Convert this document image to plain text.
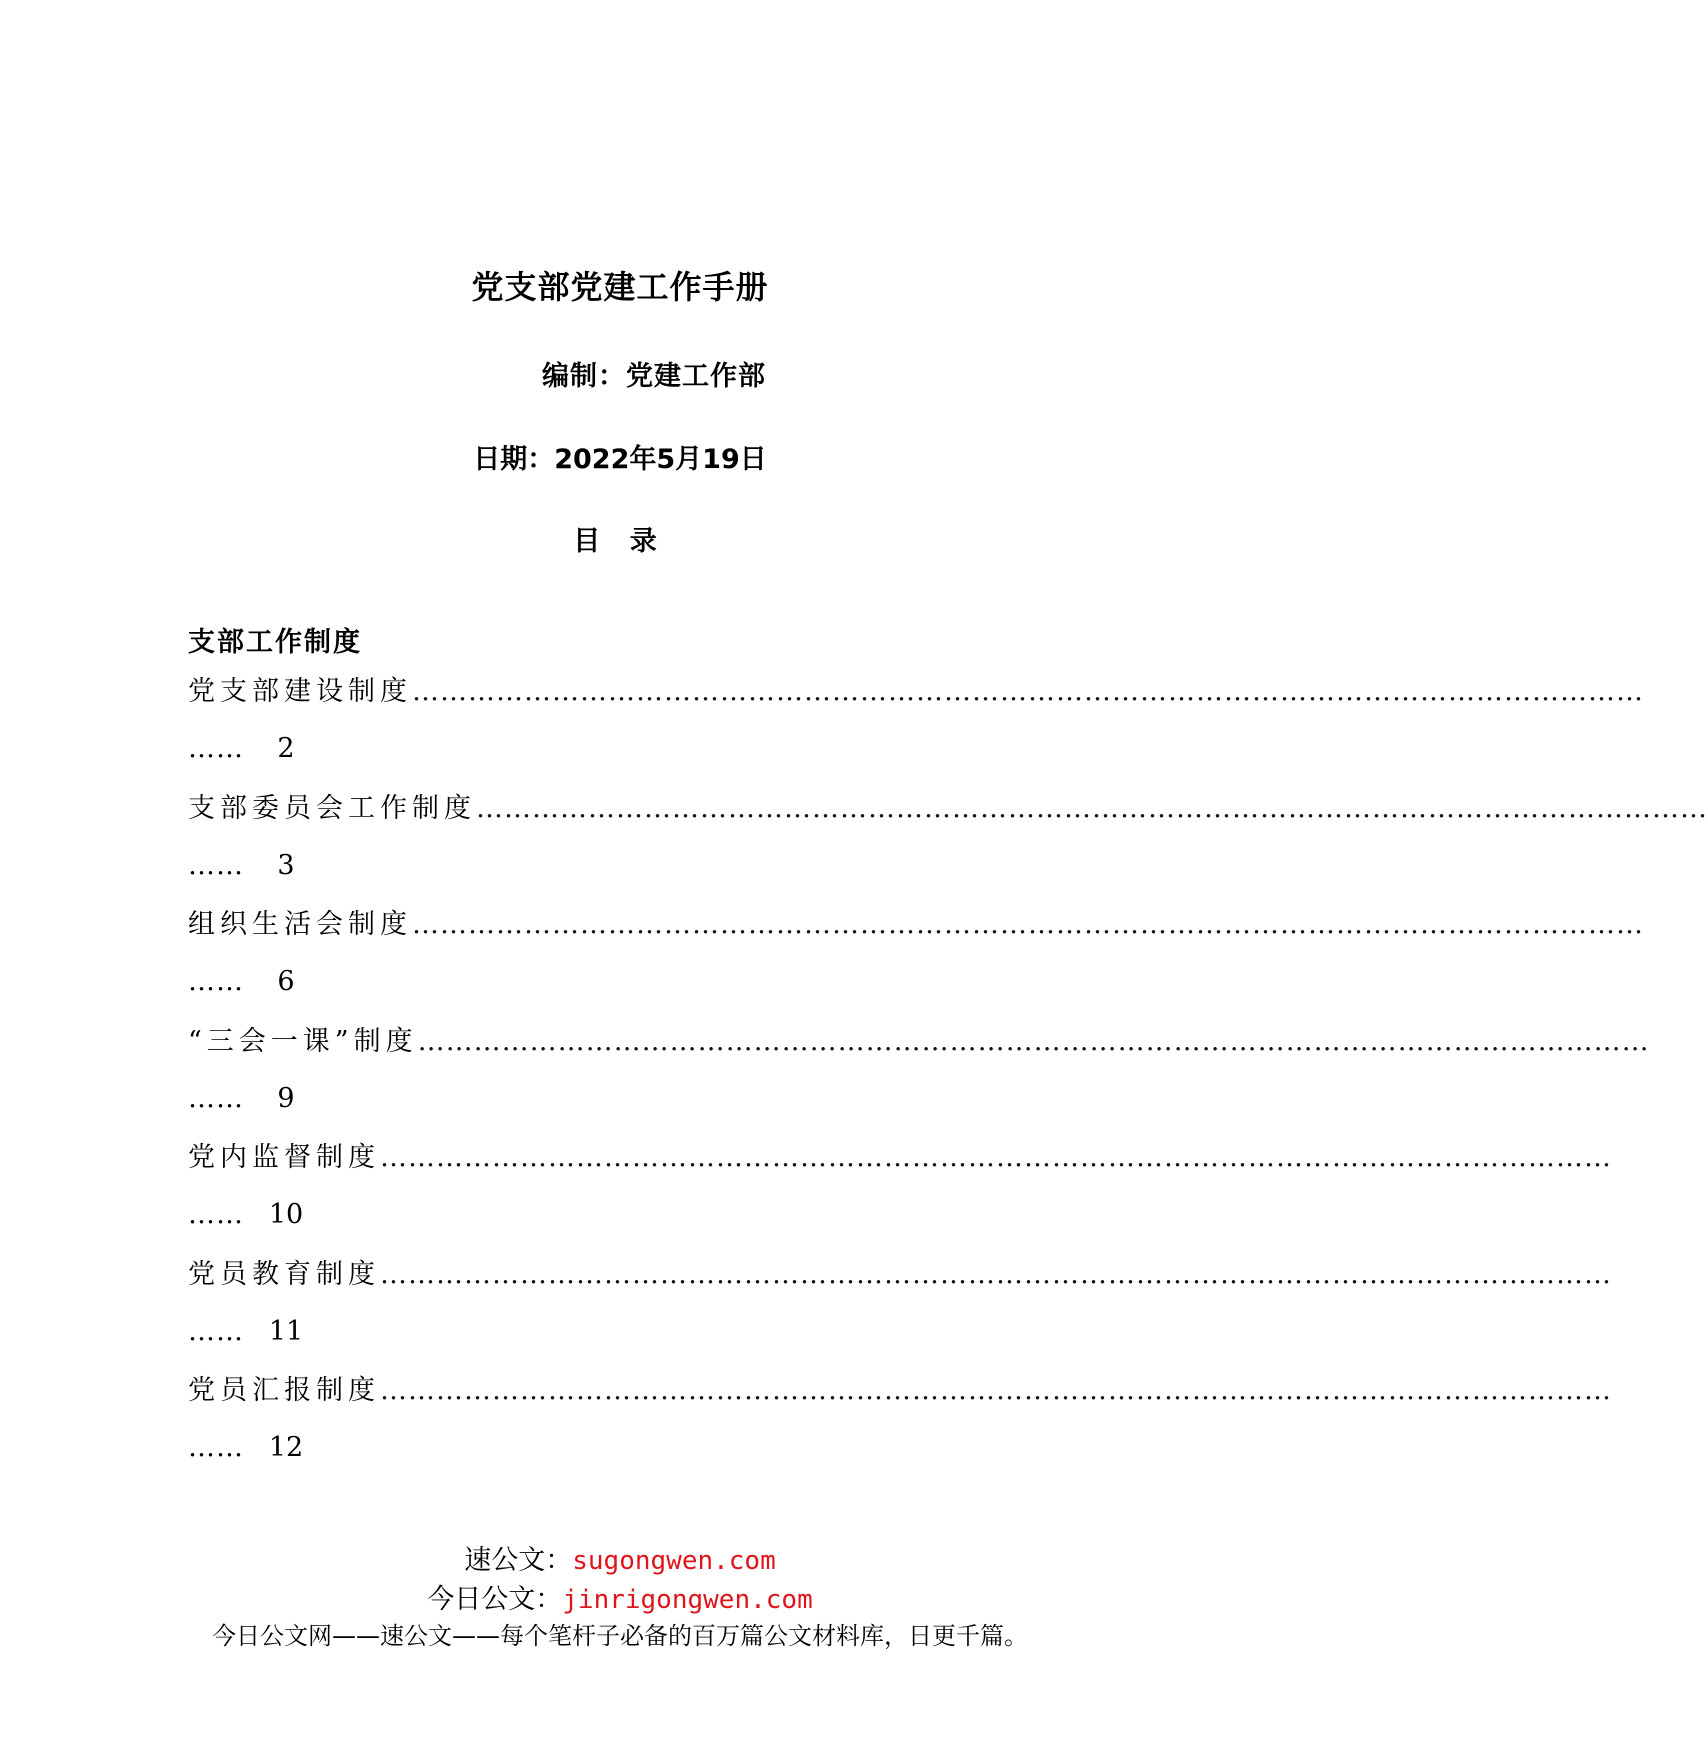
党支部党建工作手册
编制：党建工作部
日期：2022年5月19日
目 录
支部工作制度
党支部建设制度……………………………………………………………………………………………………………………
…… 2
支部委员会工作制度……………………………………………………………………………………………………………………
…… 3
组织生活会制度……………………………………………………………………………………………………………………
…… 6
“三会一课”制度……………………………………………………………………………………………………………………
…… 9
党内监督制度……………………………………………………………………………………………………………………
…… 10
党员教育制度……………………………………………………………………………………………………………………
…… 11
党员汇报制度……………………………………………………………………………………………………………………
…… 12
速公文：sugongwen.com
今日公文：jinrigongwen.com
今日公文网——速公文——每个笔杆子必备的百万篇公文材料库，日更千篇。
